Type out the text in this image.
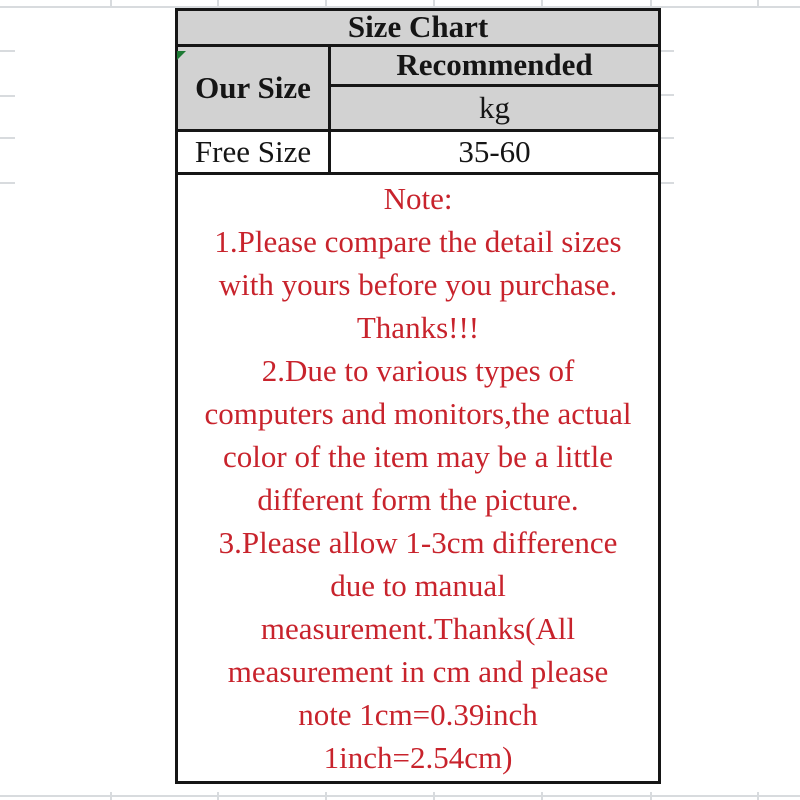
Size Chart	
Our Size	Recommended
	kg
Free Size	35-60

Note:
1.Please compare the detail sizes
with yours before you purchase.
Thanks!!!
2.Due to various types of
computers and monitors,the actual
color of the item may be a little
different form the picture.
3.Please allow 1-3cm difference
due to manual
measurement.Thanks(All
measurement in cm and please
note 1cm=0.39inch
1inch=2.54cm)
